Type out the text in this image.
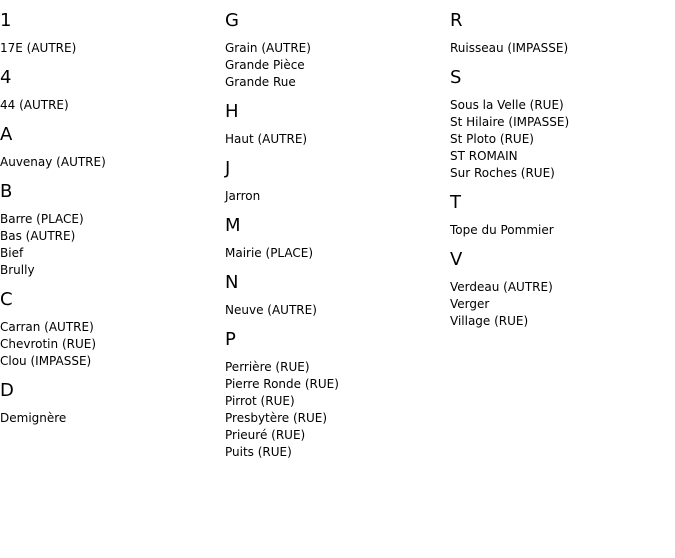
1
17E (AUTRE)
4
44 (AUTRE)
A
Auvenay (AUTRE)
B
Barre (PLACE)
Bas (AUTRE)
Bief
Brully
C
Carran (AUTRE)
Chevrotin (RUE)
Clou (IMPASSE)
D
Demignère
G
Grain (AUTRE)
Grande Pièce
Grande Rue
H
Haut (AUTRE)
J
Jarron
M
Mairie (PLACE)
N
Neuve (AUTRE)
P
Perrière (RUE)
Pierre Ronde (RUE)
Pirrot (RUE)
Presbytère (RUE)
Prieuré (RUE)
Puits (RUE)
R
Ruisseau (IMPASSE)
S
Sous la Velle (RUE)
St Hilaire (IMPASSE)
St Ploto (RUE)
ST ROMAIN
Sur Roches (RUE)
T
Tope du Pommier
V
Verdeau (AUTRE)
Verger
Village (RUE)
